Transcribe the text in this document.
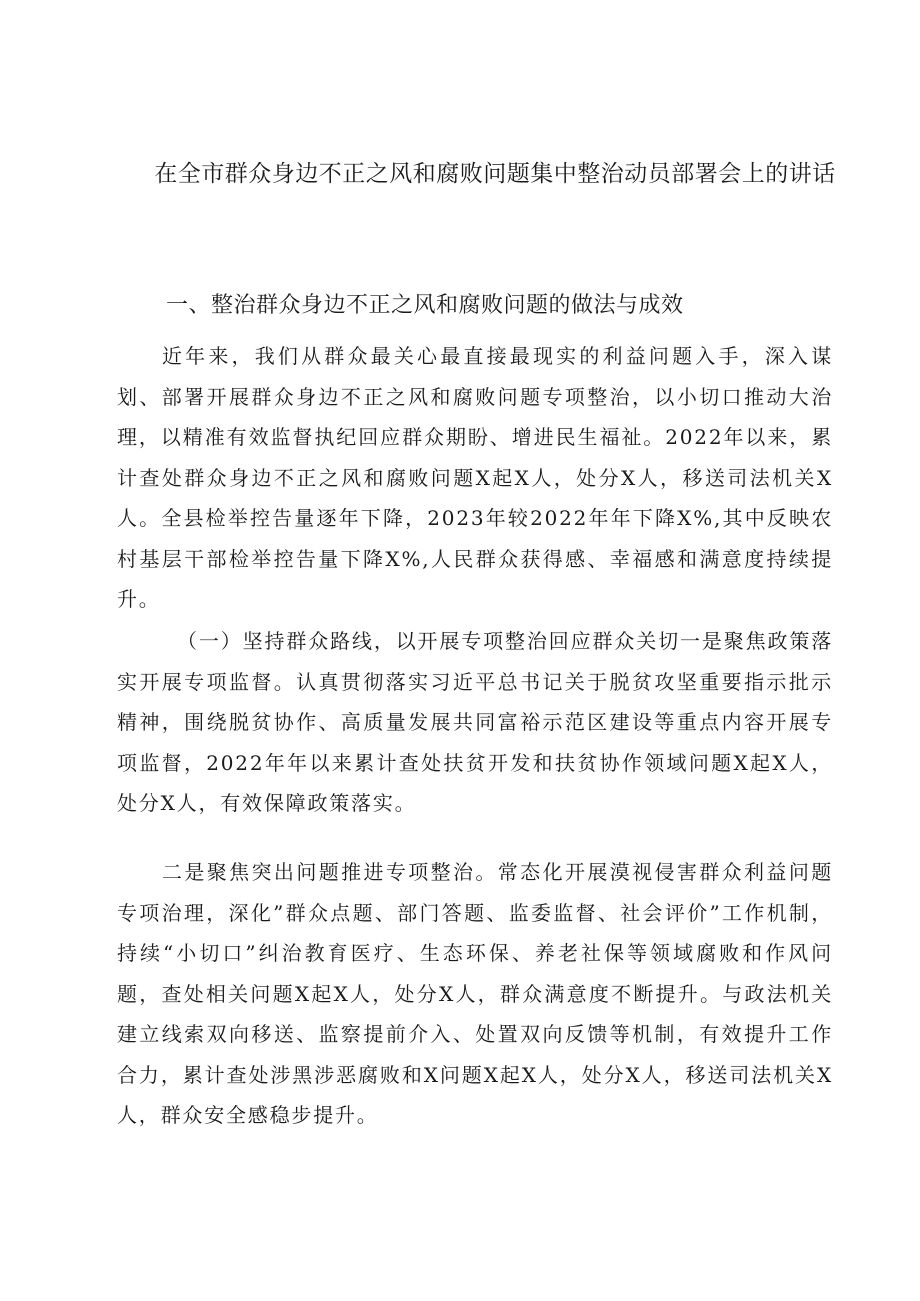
在全市群众身边不正之风和腐败问题集中整治动员部署会上的讲话
一、整治群众身边不正之风和腐败问题的做法与成效

近年来，我们从群众最关心最直接最现实的利益问题入手，深入谋划、部署开展群众身边不正之风和腐败问题专项整治，以小切口推动大治理，以精准有效监督执纪回应群众期盼、增进民生福祉。2022年以来，累计查处群众身边不正之风和腐败问题X起X人，处分X人，移送司法机关X人。全县检举控告量逐年下降，2023年较2022年年下降X%,其中反映农村基层干部检举控告量下降X%,人民群众获得感、幸福感和满意度持续提升。

（一）坚持群众路线，以开展专项整治回应群众关切一是聚焦政策落实开展专项监督。认真贯彻落实习近平总书记关于脱贫攻坚重要指示批示精神，围绕脱贫协作、高质量发展共同富裕示范区建设等重点内容开展专项监督，2022年年以来累计查处扶贫开发和扶贫协作领域问题X起X人，处分X人，有效保障政策落实。

二是聚焦突出问题推进专项整治。常态化开展漠视侵害群众利益问题专项治理，深化”群众点题、部门答题、监委监督、社会评价”工作机制，持续“小切口”纠治教育医疗、生态环保、养老社保等领域腐败和作风问题，查处相关问题X起X人，处分X人，群众满意度不断提升。与政法机关建立线索双向移送、监察提前介入、处置双向反馈等机制，有效提升工作合力，累计查处涉黑涉恶腐败和X问题X起X人，处分X人，移送司法机关X人，群众安全感稳步提升。
